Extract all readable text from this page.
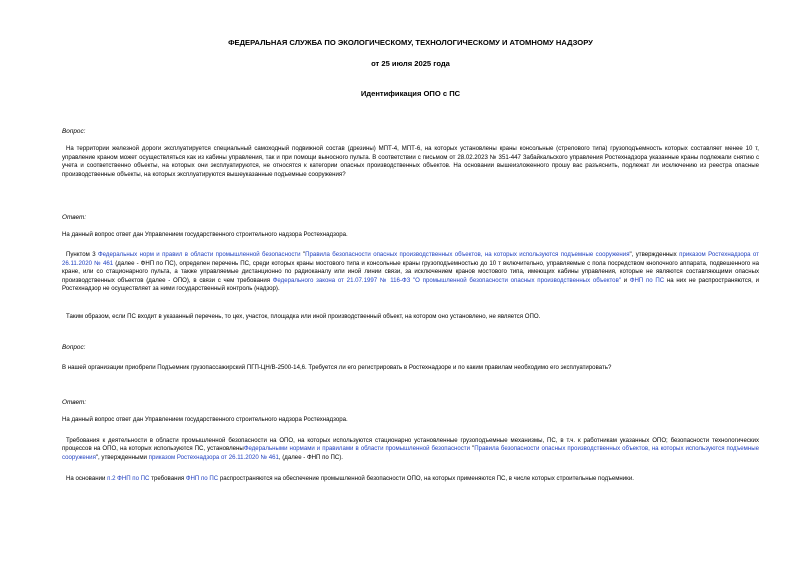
ФЕДЕРАЛЬНАЯ СЛУЖБА ПО ЭКОЛОГИЧЕСКОМУ, ТЕХНОЛОГИЧЕСКОМУ И АТОМНОМУ НАДЗОРУ
от 25 июля 2025 года
Идентификация ОПО с ПС
Вопрос:

На территории железной дороги эксплуатируется специальный самоходный подвижной состав (дрезины) МПТ-4, МПТ-6, на которых установлены краны консольные (стрелового типа) грузоподъемность которых составляет менее 10 т, управление краном может осуществляться как из кабины управления, так и при помощи выносного пульта. В соответствии с письмом от 28.02.2023 № 351-447 Забайкальского управления Ростехнадзора указанные краны подлежали снятию с учета и соответственно объекты, на которых они эксплуатируются, не относятся к категории опасных производственных объектов. На основании вышеизложенного прошу вас разъяснить, подлежат ли исключению из реестра опасные производственные объекты, на которых эксплуатируются вышеуказанные подъемные сооружения?

Ответ:

На данный вопрос ответ дан Управлением государственного строительного надзора Ростехнадзора.

Пунктом 3 Федеральных норм и правил в области промышленной безопасности "Правила безопасности опасных производственных объектов, на которых используются подъемные сооружения", утвержденных приказом Ростехнадзора от 26.11.2020 № 461 (далее - ФНП по ПС), определен перечень ПС, среди которых краны мостового типа и консольные краны грузоподъемностью до 10 т включительно, управляемые с пола посредством кнопочного аппарата, подвешенного на кране, или со стационарного пульта, а также управляемые дистанционно по радиоканалу или иной линии связи, за исключением кранов мостового типа, имеющих кабины управления, которые не являются составляющими опасных производственных объектов (далее - ОПО), в связи с чем требования Федерального закона от 21.07.1997 № 116-ФЗ "О промышленной безопасности опасных производственных объектов" и ФНП по ПС на них не распространяются, и Ростехнадзор не осуществляет за ними государственный контроль (надзор).

Таким образом, если ПС входит в указанный перечень, то цех, участок, площадка или иной производственный объект, на котором оно установлено, не является ОПО.

Вопрос:

В нашей организации приобрели Подъемник грузопассажирский ПГП-ЦН/В-2500-14,6. Требуется ли его регистрировать в Ростехнадзоре и по каким правилам необходимо его эксплуатировать?

Ответ:

На данный вопрос ответ дан Управлением государственного строительного надзора Ростехнадзора.

Требования к деятельности в области промышленной безопасности на ОПО, на которых используются стационарно установленные грузоподъемные механизмы, ПС, в т.ч. к работникам указанных ОПО; безопасности технологических процессов на ОПО, на которых используются ПС, установленыФедеральными нормами и правилами в области промышленной безопасности "Правила безопасности опасных производственных объектов, на которых используются подъемные сооружения", утвержденными приказом Ростехнадзора от 26.11.2020 № 461, (далее - ФНП по ПС).

На основании п.2 ФНП по ПС требования ФНП по ПС распространяются на обеспечение промышленной безопасности ОПО, на которых применяются ПС, в числе которых строительные подъемники.
